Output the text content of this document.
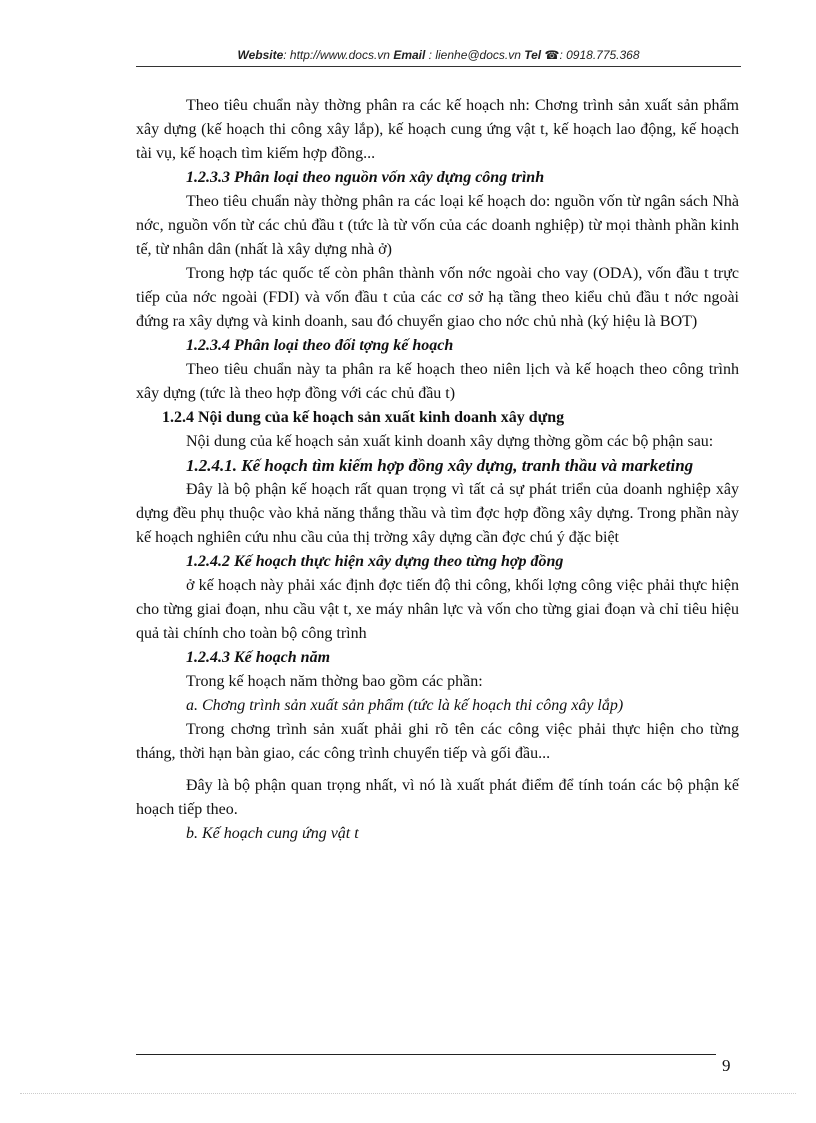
Website: http://www.docs.vn Email : lienhe@docs.vn Tel ☎: 0918.775.368

Theo tiêu chuẩn này thờng phân ra các kế hoạch nh: Chơng trình sản xuất sản phẩm xây dựng (kế hoạch thi công xây lắp), kế hoạch cung ứng vật t, kế hoạch lao động, kế hoạch tài vụ, kế hoạch tìm kiếm hợp đồng...

1.2.3.3 Phân loại theo nguồn vốn xây dựng công trình

Theo tiêu chuẩn này thờng phân ra các loại kế hoạch do: nguồn vốn từ ngân sách Nhà nớc, nguồn vốn từ các chủ đầu t (tức là từ vốn của các doanh nghiệp) từ mọi thành phần kinh tế, từ nhân dân (nhất là xây dựng nhà ở)

Trong hợp tác quốc tế còn phân thành vốn nớc ngoài cho vay (ODA), vốn đầu t trực tiếp của nớc ngoài (FDI) và vốn đầu t của các cơ sở hạ tầng theo kiểu chủ đầu t nớc ngoài đứng ra xây dựng và kinh doanh, sau đó chuyển giao cho nớc chủ nhà (ký hiệu là BOT)

1.2.3.4 Phân loại theo đối tợng kế hoạch

Theo tiêu chuẩn này ta phân ra kế hoạch theo niên lịch và kế hoạch theo công trình xây dựng (tức là theo hợp đồng với các chủ đầu t)

1.2.4 Nội dung của kế hoạch sản xuất kinh doanh xây dựng

Nội dung của kế hoạch sản xuất kinh doanh xây dựng thờng gồm các bộ phận sau:

1.2.4.1. Kế hoạch tìm kiếm hợp đồng xây dựng, tranh thầu và marketing

Đây là bộ phận kế hoạch rất quan trọng vì tất cả sự phát triển của doanh nghiệp xây dựng đều phụ thuộc vào khả năng thắng thầu và tìm đợc hợp đồng xây dựng. Trong phần này kế hoạch nghiên cứu nhu cầu của thị trờng xây dựng cần đợc chú ý đặc biệt

1.2.4.2 Kế hoạch thực hiện xây dựng theo từng hợp đồng

ở kế hoạch này phải xác định đợc tiến độ thi công, khối lợng công việc phải thực hiện cho từng giai đoạn, nhu cầu vật t, xe máy nhân lực và vốn cho từng giai đoạn và chỉ tiêu hiệu quả tài chính cho toàn bộ công trình

1.2.4.3 Kế hoạch năm

Trong kế hoạch năm thờng bao gồm các phần:

a. Chơng trình sản xuất sản phẩm (tức là kế hoạch thi công xây lắp)

Trong chơng trình sản xuất phải ghi rõ tên các công việc phải thực hiện cho từng tháng, thời hạn bàn giao, các công trình chuyển tiếp và gối đầu...

Đây là bộ phận quan trọng nhất, vì nó là xuất phát điểm để tính toán các bộ phận kế hoạch tiếp theo.

b. Kế hoạch cung ứng vật t

9
